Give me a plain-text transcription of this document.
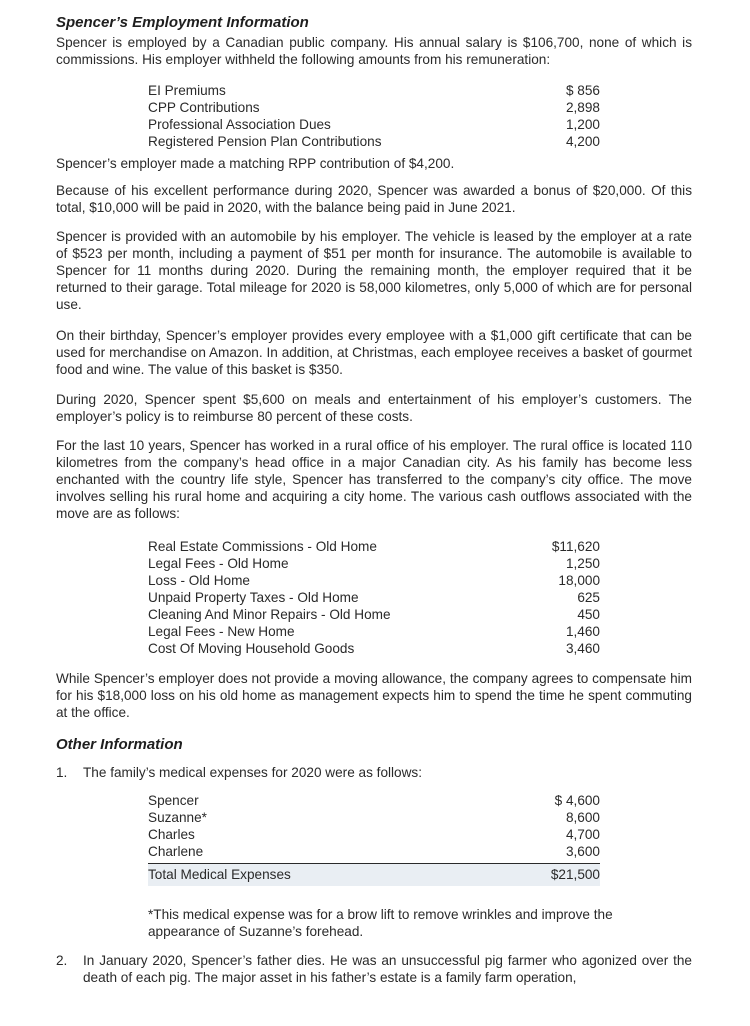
Spencer’s Employment Information

Spencer is employed by a Canadian public company. His annual salary is $106,700, none of which is commissions. His employer withheld the following amounts from his remuneration:

EI Premiums	$ 856
CPP Contributions	2,898
Professional Association Dues	1,200
Registered Pension Plan Contributions	4,200

Spencer’s employer made a matching RPP contribution of $4,200.

Because of his excellent performance during 2020, Spencer was awarded a bonus of $20,000. Of this total, $10,000 will be paid in 2020, with the balance being paid in June 2021.

Spencer is provided with an automobile by his employer. The vehicle is leased by the employer at a rate of $523 per month, including a payment of $51 per month for insurance. The automobile is available to Spencer for 11 months during 2020. During the remaining month, the employer required that it be returned to their garage. Total mileage for 2020 is 58,000 kilometres, only 5,000 of which are for personal use.

On their birthday, Spencer’s employer provides every employee with a $1,000 gift certificate that can be used for merchandise on Amazon. In addition, at Christmas, each employee receives a basket of gourmet food and wine. The value of this basket is $350.

During 2020, Spencer spent $5,600 on meals and entertainment of his employer’s customers. The employer’s policy is to reimburse 80 percent of these costs.

For the last 10 years, Spencer has worked in a rural office of his employer. The rural office is located 110 kilometres from the company’s head office in a major Canadian city. As his family has become less enchanted with the country life style, Spencer has transferred to the company’s city office. The move involves selling his rural home and acquiring a city home. The various cash outflows associated with the move are as follows:

Real Estate Commissions - Old Home	$11,620
Legal Fees - Old Home	1,250
Loss - Old Home	18,000
Unpaid Property Taxes - Old Home	625
Cleaning And Minor Repairs - Old Home	450
Legal Fees - New Home	1,460
Cost Of Moving Household Goods	3,460

While Spencer’s employer does not provide a moving allowance, the company agrees to compensate him for his $18,000 loss on his old home as management expects him to spend the time he spent commuting at the office.

Other Information
1. The family’s medical expenses for 2020 were as follows:
Spencer	$ 4,600
Suzanne*	8,600
Charles	4,700
Charlene	3,600
Total Medical Expenses	$21,500

*This medical expense was for a brow lift to remove wrinkles and improve the appearance of Suzanne’s forehead.

2. In January 2020, Spencer’s father dies. He was an unsuccessful pig farmer who agonized over the death of each pig. The major asset in his father’s estate is a family farm operation,
